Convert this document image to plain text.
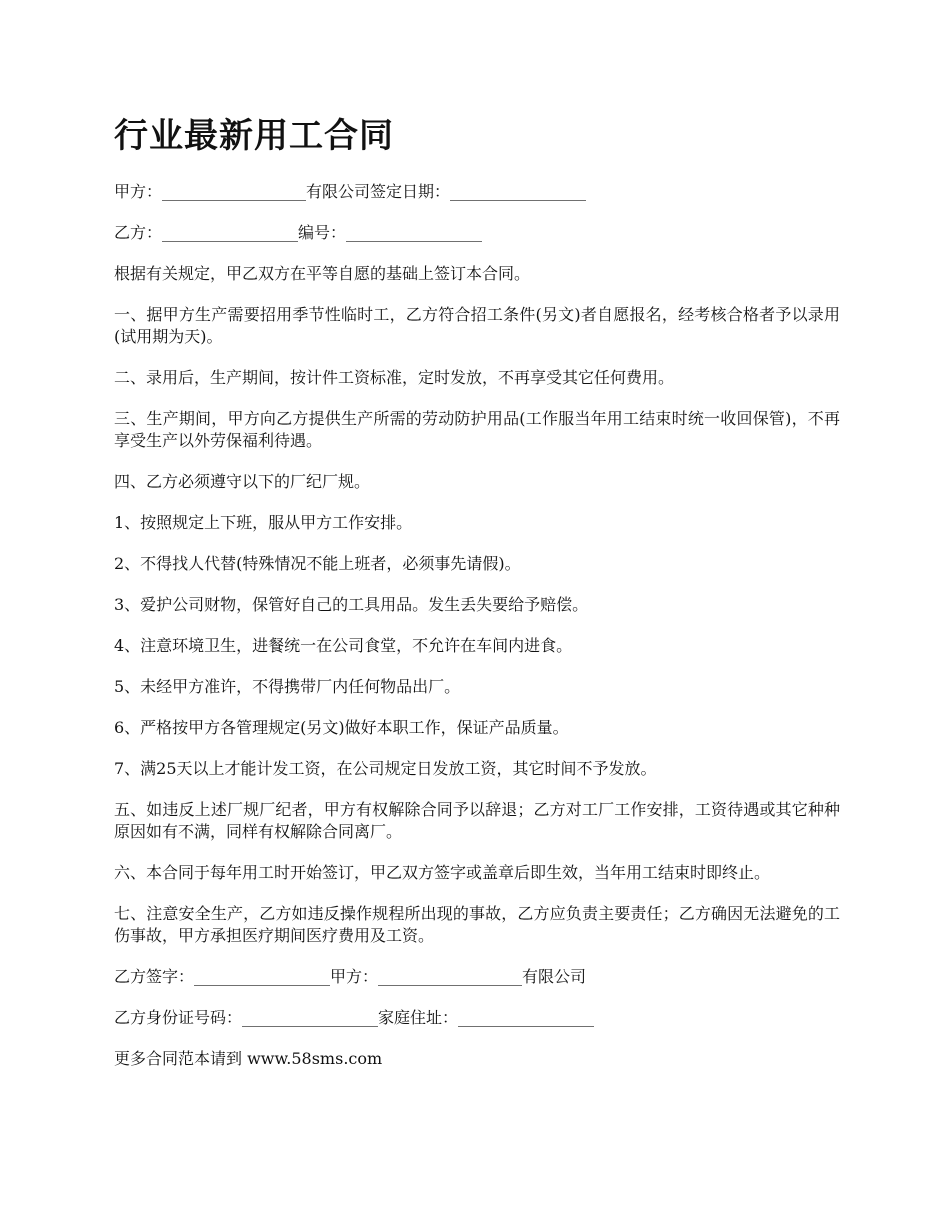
行业最新用工合同

甲方：__________________有限公司签定日期：_________________

乙方：_________________编号：_________________

根据有关规定，甲乙双方在平等自愿的基础上签订本合同。

一、据甲方生产需要招用季节性临时工，乙方符合招工条件(另文)者自愿报名，经考核合格者予以录用(试用期为天)。

二、录用后，生产期间，按计件工资标准，定时发放，不再享受其它任何费用。

三、生产期间，甲方向乙方提供生产所需的劳动防护用品(工作服当年用工结束时统一收回保管)，不再享受生产以外劳保福利待遇。

四、乙方必须遵守以下的厂纪厂规。

1、按照规定上下班，服从甲方工作安排。

2、不得找人代替(特殊情况不能上班者，必须事先请假)。

3、爱护公司财物，保管好自己的工具用品。发生丢失要给予赔偿。

4、注意环境卫生，进餐统一在公司食堂，不允许在车间内进食。

5、未经甲方准许，不得携带厂内任何物品出厂。

6、严格按甲方各管理规定(另文)做好本职工作，保证产品质量。

7、满25天以上才能计发工资，在公司规定日发放工资，其它时间不予发放。

五、如违反上述厂规厂纪者，甲方有权解除合同予以辞退；乙方对工厂工作安排，工资待遇或其它种种原因如有不满，同样有权解除合同离厂。

六、本合同于每年用工时开始签订，甲乙双方签字或盖章后即生效，当年用工结束时即终止。

七、注意安全生产，乙方如违反操作规程所出现的事故，乙方应负责主要责任；乙方确因无法避免的工伤事故，甲方承担医疗期间医疗费用及工资。

乙方签字：_________________甲方：__________________有限公司

乙方身份证号码：_________________家庭住址：_________________

更多合同范本请到 www.58sms.com
